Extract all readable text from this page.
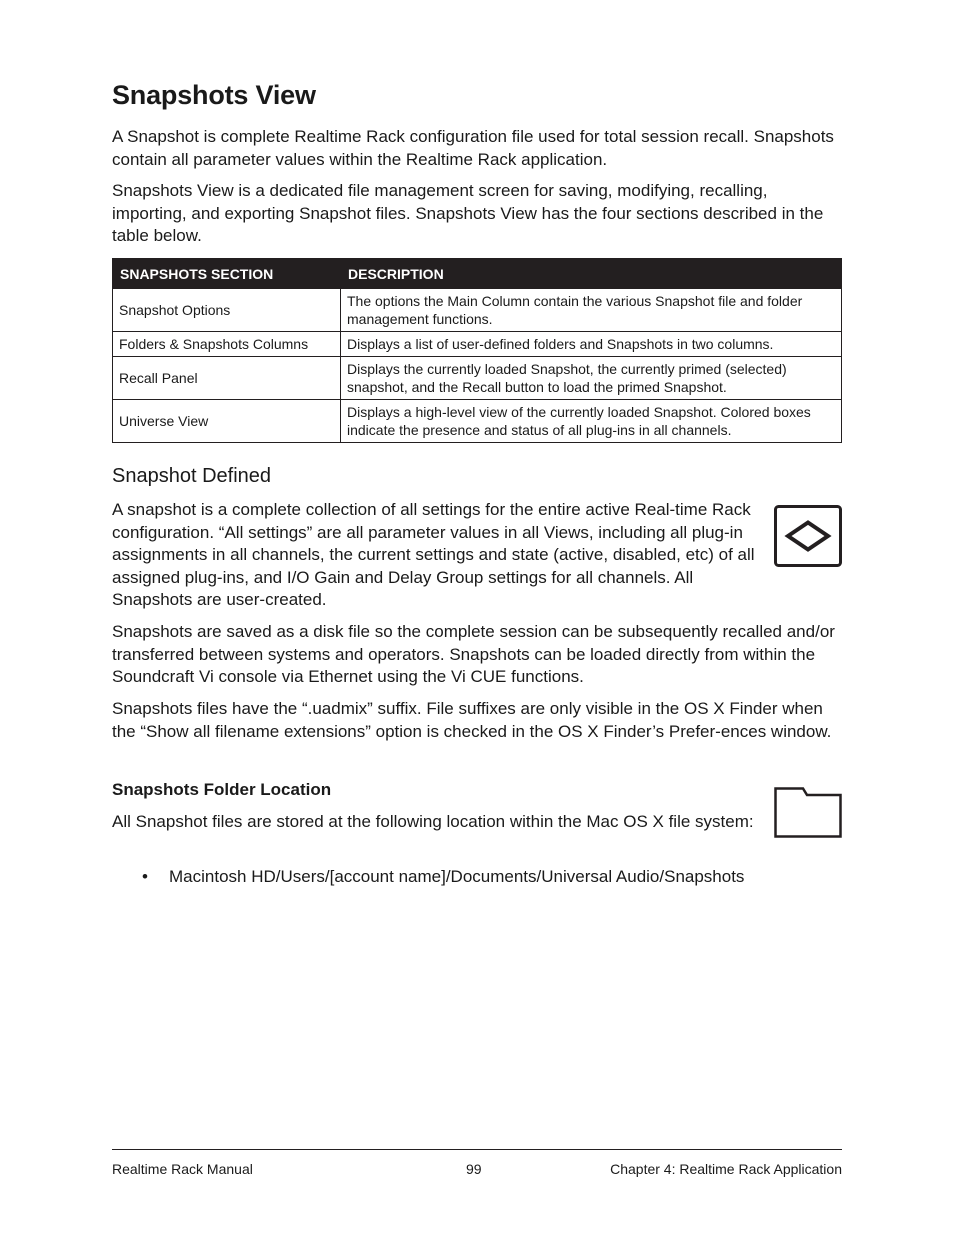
Snapshots View

A Snapshot is complete Realtime Rack configuration file used for total session recall. Snapshots contain all parameter values within the Realtime Rack application.

Snapshots View is a dedicated file management screen for saving, modifying, recalling, importing, and exporting Snapshot files. Snapshots View has the four sections described in the table below.

SNAPSHOTS SECTION	DESCRIPTION
Snapshot Options	The options the Main Column contain the various Snapshot file and folder management functions.
Folders & Snapshots Columns	Displays a list of user-defined folders and Snapshots in two columns.
Recall Panel	Displays the currently loaded Snapshot, the currently primed (selected) snapshot, and the Recall button to load the primed Snapshot.
Universe View	Displays a high-level view of the currently loaded Snapshot. Colored boxes indicate the presence and status of all plug-ins in all channels.
Snapshot Defined

A snapshot is a complete collection of all settings for the entire active Real-time Rack configuration. “All settings” are all parameter values in all Views, including all plug-in assignments in all channels, the current settings and state (active, disabled, etc) of all assigned plug-ins, and I/O Gain and Delay Group settings for all channels. All Snapshots are user-created.

Snapshots are saved as a disk file so the complete session can be subsequently recalled and/or transferred between systems and operators. Snapshots can be loaded directly from within the Soundcraft Vi console via Ethernet using the Vi CUE functions.

Snapshots files have the “.uadmix” suffix. File suffixes are only visible in the OS X Finder when the “Show all filename extensions” option is checked in the OS X Finder’s Prefer-ences window.

Snapshots Folder Location

All Snapshot files are stored at the following location within the Mac OS X file system:

• Macintosh HD/Users/[account name]/Documents/Universal Audio/Snapshots
Realtime Rack Manual	99	Chapter 4: Realtime Rack Application
